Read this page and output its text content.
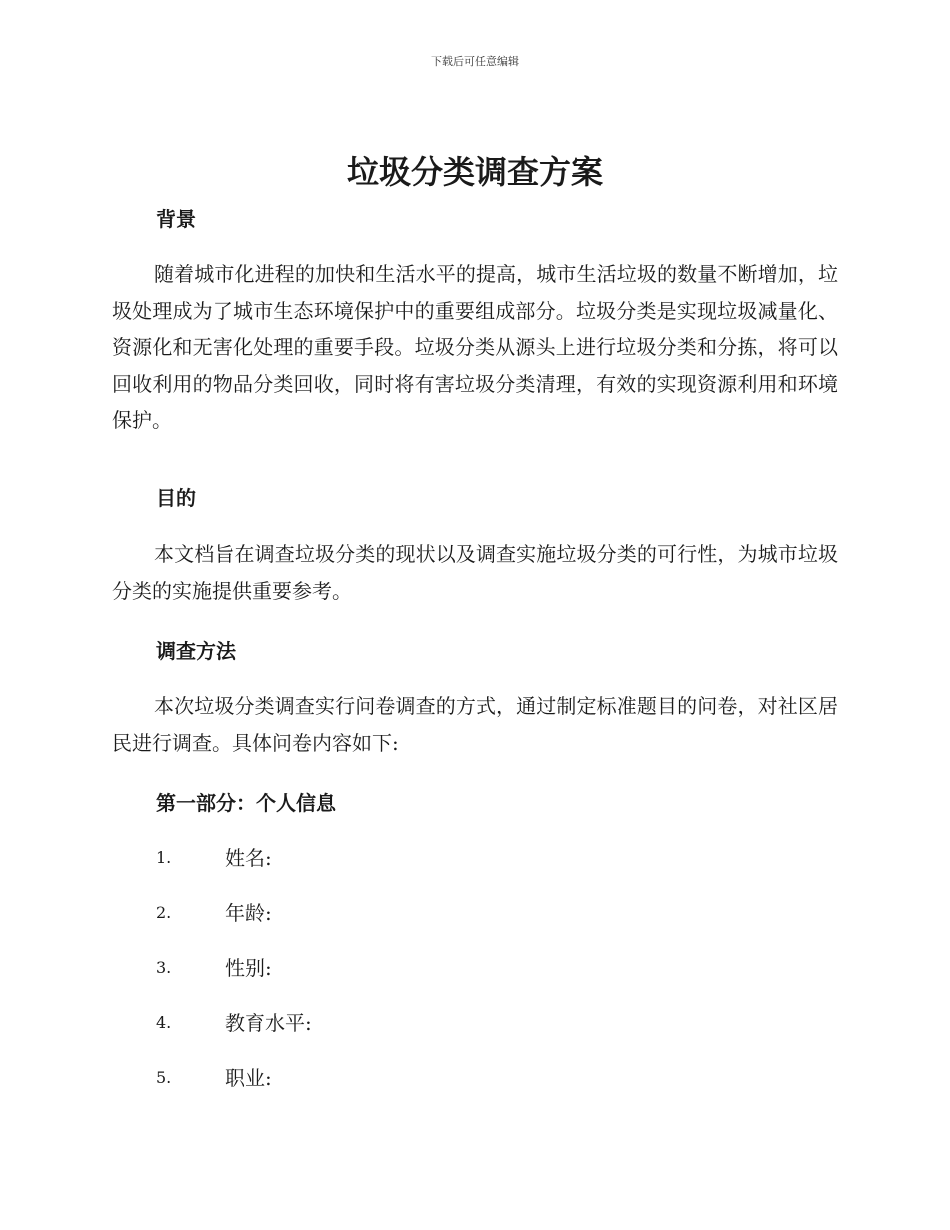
下载后可任意编辑
垃圾分类调查方案
背景

随着城市化进程的加快和生活水平的提高，城市生活垃圾的数量不断增加，垃圾处理成为了城市生态环境保护中的重要组成部分。垃圾分类是实现垃圾减量化、资源化和无害化处理的重要手段。垃圾分类从源头上进行垃圾分类和分拣，将可以回收利用的物品分类回收，同时将有害垃圾分类清理，有效的实现资源利用和环境保护。

目的

本文档旨在调查垃圾分类的现状以及调查实施垃圾分类的可行性，为城市垃圾分类的实施提供重要参考。

调查方法

本次垃圾分类调查实行问卷调查的方式，通过制定标准题目的问卷，对社区居民进行调查。具体问卷内容如下:

第一部分：个人信息
1.	姓名:
2.	年龄:
3.	性别:
4.	教育水平:
5.	职业:
